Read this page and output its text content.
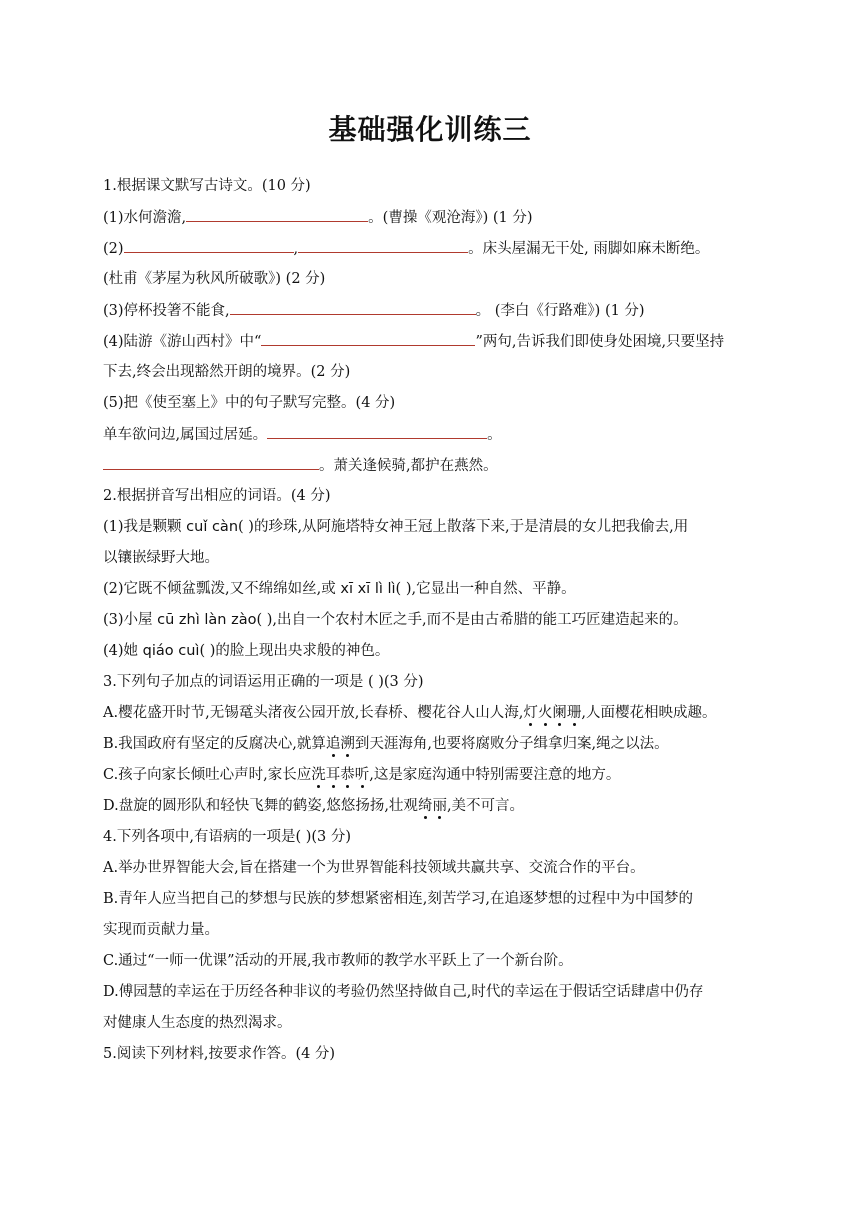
基础强化训练三
1.根据课文默写古诗文。(10 分)
(1)水何澹澹,	。(曹操《观沧海》) (1 分)
(2)	,	。床头屋漏无干处, 雨脚如麻未断绝。
(杜甫《茅屋为秋风所破歌》) (2 分)
(3)停杯投箸不能食,	。 (李白《行路难》) (1 分)
(4)陆游《游山西村》中“	”两句,告诉我们即使身处困境,只要坚持
下去,终会出现豁然开朗的境界。(2 分)
(5)把《使至塞上》中的句子默写完整。(4 分)
单车欲问边,属国过居延。	。
。萧关逢候骑,都护在燕然。
2.根据拼音写出相应的词语。(4 分)
(1)我是颗颗 cuǐ càn( )的珍珠,从阿施塔特女神王冠上散落下来,于是清晨的女儿把我偷去,用
以镶嵌绿野大地。
(2)它既不倾盆瓢泼,又不绵绵如丝,或 xī xī lì lì( ),它显出一种自然、平静。
(3)小屋 cū zhì làn zào( ),出自一个农村木匠之手,而不是由古希腊的能工巧匠建造起来的。
(4)她 qiáo cuì( )的脸上现出央求般的神色。
3.下列句子加点的词语运用正确的一项是 ( )(3 分)
A.樱花盛开时节,无锡鼋头渚夜公园开放,长春桥、樱花谷人山人海,灯火阑珊,人面樱花相映成趣。
B.我国政府有坚定的反腐决心,就算追溯到天涯海角,也要将腐败分子缉拿归案,绳之以法。
C.孩子向家长倾吐心声时,家长应洗耳恭听,这是家庭沟通中特别需要注意的地方。
D.盘旋的圆形队和轻快飞舞的鹤姿,悠悠扬扬,壮观绮丽,美不可言。
4.下列各项中,有语病的一项是( )(3 分)
A.举办世界智能大会,旨在搭建一个为世界智能科技领域共赢共享、交流合作的平台。
B.青年人应当把自己的梦想与民族的梦想紧密相连,刻苦学习,在追逐梦想的过程中为中国梦的
实现而贡献力量。
C.通过“一师一优课”活动的开展,我市教师的教学水平跃上了一个新台阶。
D.傅园慧的幸运在于历经各种非议的考验仍然坚持做自己,时代的幸运在于假话空话肆虐中仍存
对健康人生态度的热烈渴求。
5.阅读下列材料,按要求作答。(4 分)
